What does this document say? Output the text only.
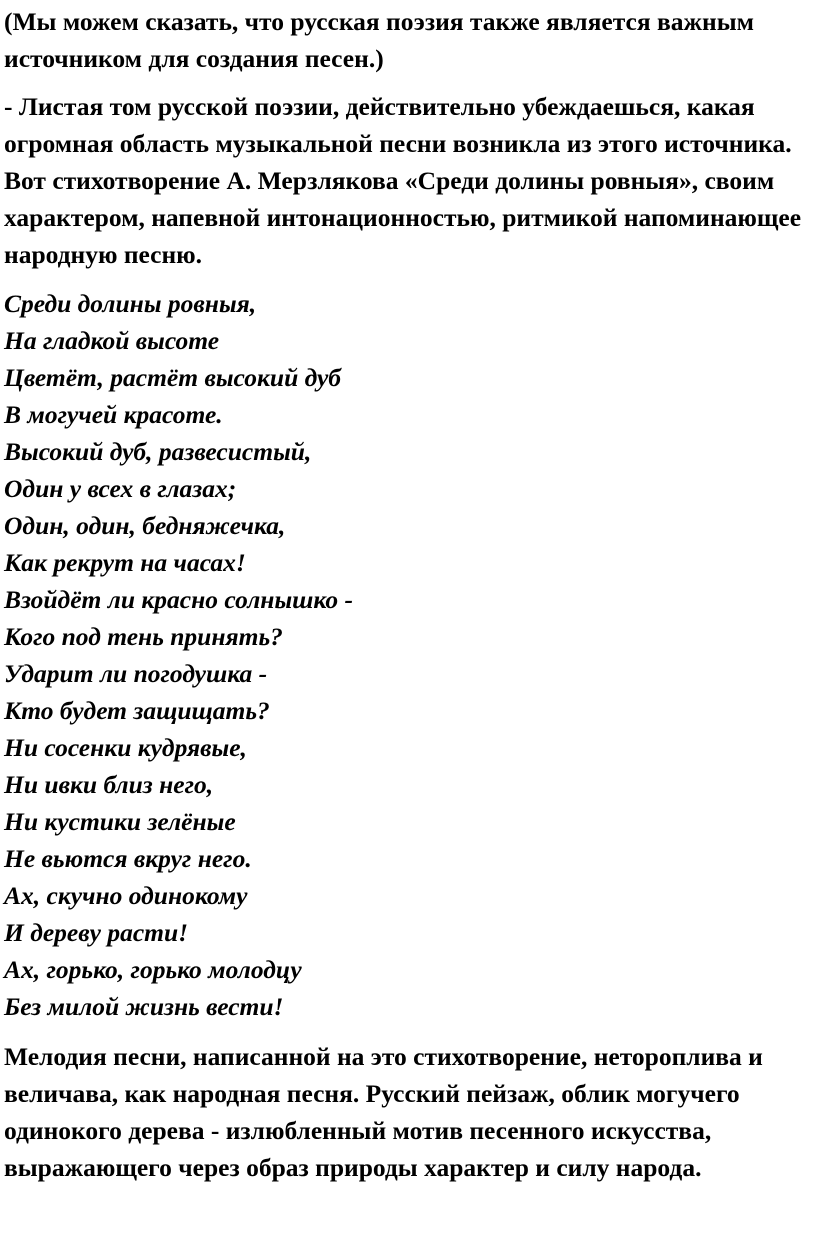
(Мы можем сказать, что русская поэзия также является важным источником для создания песен.)

- Листая том русской поэзии, действительно убеждаешься, какая огромная область музыкальной песни возникла из этого источника. Вот стихотворение А. Мерзлякова «Среди долины ровныя», своим характером, напевной интонационностью, ритмикой напоминающее народную песню.

Среди долины ровныя,
На гладкой высоте
Цветёт, растёт высокий дуб
В могучей красоте.
Высокий дуб, развесистый,
Один у всех в глазах;
Один, один, бедняжечка,
Как рекрут на часах!
Взойдёт ли красно солнышко -
Кого под тень принять?
Ударит ли погодушка -
Кто будет защищать?
Ни сосенки кудрявые,
Ни ивки близ него,
Ни кустики зелёные
Не вьются вкруг него.
Ах, скучно одинокому
И дереву расти!
Ах, горько, горько молодцу
Без милой жизнь вести!

Мелодия песни, написанной на это стихотворение, нетороплива и величава, как народная песня. Русский пейзаж, облик могучего одинокого дерева - излюбленный мотив песенного искусства, выражающего через образ природы характер и силу народа.
